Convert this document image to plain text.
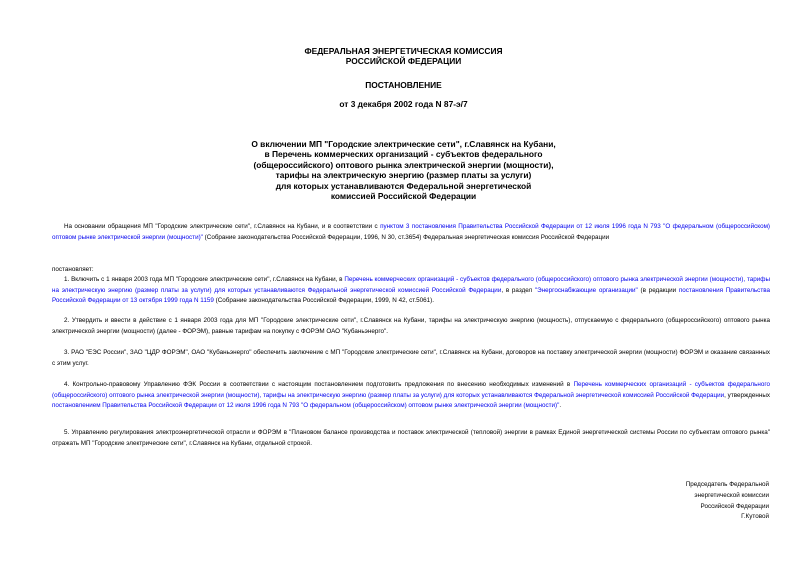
ФЕДЕРАЛЬНАЯ ЭНЕРГЕТИЧЕСКАЯ КОМИССИЯ
РОССИЙСКОЙ ФЕДЕРАЦИИ
ПОСТАНОВЛЕНИЕ
от 3 декабря 2002 года N 87-э/7
О включении МП "Городские электрические сети", г.Славянск на Кубани,
в Перечень коммерческих организаций - субъектов федерального
(общероссийского) оптового рынка электрической энергии (мощности),
тарифы на электрическую энергию (размер платы за услуги)
для которых устанавливаются Федеральной энергетической
комиссией Российской Федерации
На основании обращения МП "Городские электрические сети", г.Славянск на Кубани, и в соответствии с пунктом 3 постановления Правительства Российской Федерации от 12 июля 1996 года N 793 "О федеральном (общероссийском) оптовом рынке электрической энергии (мощности)" (Собрание законодательства Российской Федерации, 1996, N 30, ст.3654) Федеральная энергетическая комиссия Российской Федерации
постановляет:
1. Включить с 1 января 2003 года МП "Городские электрические сети", г.Славянск на Кубани, в Перечень коммерческих организаций - субъектов федерального (общероссийского) оптового рынка электрической энергии (мощности), тарифы на электрическую энергию (размер платы за услуги) для которых устанавливаются Федеральной энергетической комиссией Российской Федерации, в раздел "Энергоснабжающие организации" (в редакции постановления Правительства Российской Федерации от 13 октября 1999 года N 1159 (Собрание законодательства Российской Федерации, 1999, N 42, ст.5061).
2. Утвердить и ввести в действие с 1 января 2003 года для МП "Городские электрические сети", г.Славянск на Кубани, тарифы на электрическую энергию (мощность), отпускаемую с федерального (общероссийского) оптового рынка электрической энергии (мощности) (далее - ФОРЭМ), равные тарифам на покупку с ФОРЭМ ОАО "Кубаньэнерго".
3. РАО "ЕЭС России", ЗАО "ЦДР ФОРЭМ", ОАО "Кубаньэнерго" обеспечить заключение с МП "Городские электрические сети", г.Славянск на Кубани, договоров на поставку электрической энергии (мощности) ФОРЭМ и оказание связанных с этим услуг.
4. Контрольно-правовому Управлению ФЭК России в соответствии с настоящим постановлением подготовить предложения по внесению необходимых изменений в Перечень коммерческих организаций - субъектов федерального (общероссийского) оптового рынка электрической энергии (мощности), тарифы на электрическую энергию (размер платы за услуги) для которых устанавливаются Федеральной энергетической комиссией Российской Федерации, утвержденных постановлением Правительства Российской Федерации от 12 июля 1996 года N 793 "О федеральном (общероссийском) оптовом рынке электрической энергии (мощности)".
5. Управлению регулирования электроэнергетической отрасли и ФОРЭМ в "Плановом балансе производства и поставок электрической (тепловой) энергии в рамках Единой энергетической системы России по субъектам оптового рынка" отражать МП "Городские электрические сети", г.Славянск на Кубани, отдельной строкой.
Председатель Федеральной
энергетической комиссии
Российской Федерации
Г.Кутовой
